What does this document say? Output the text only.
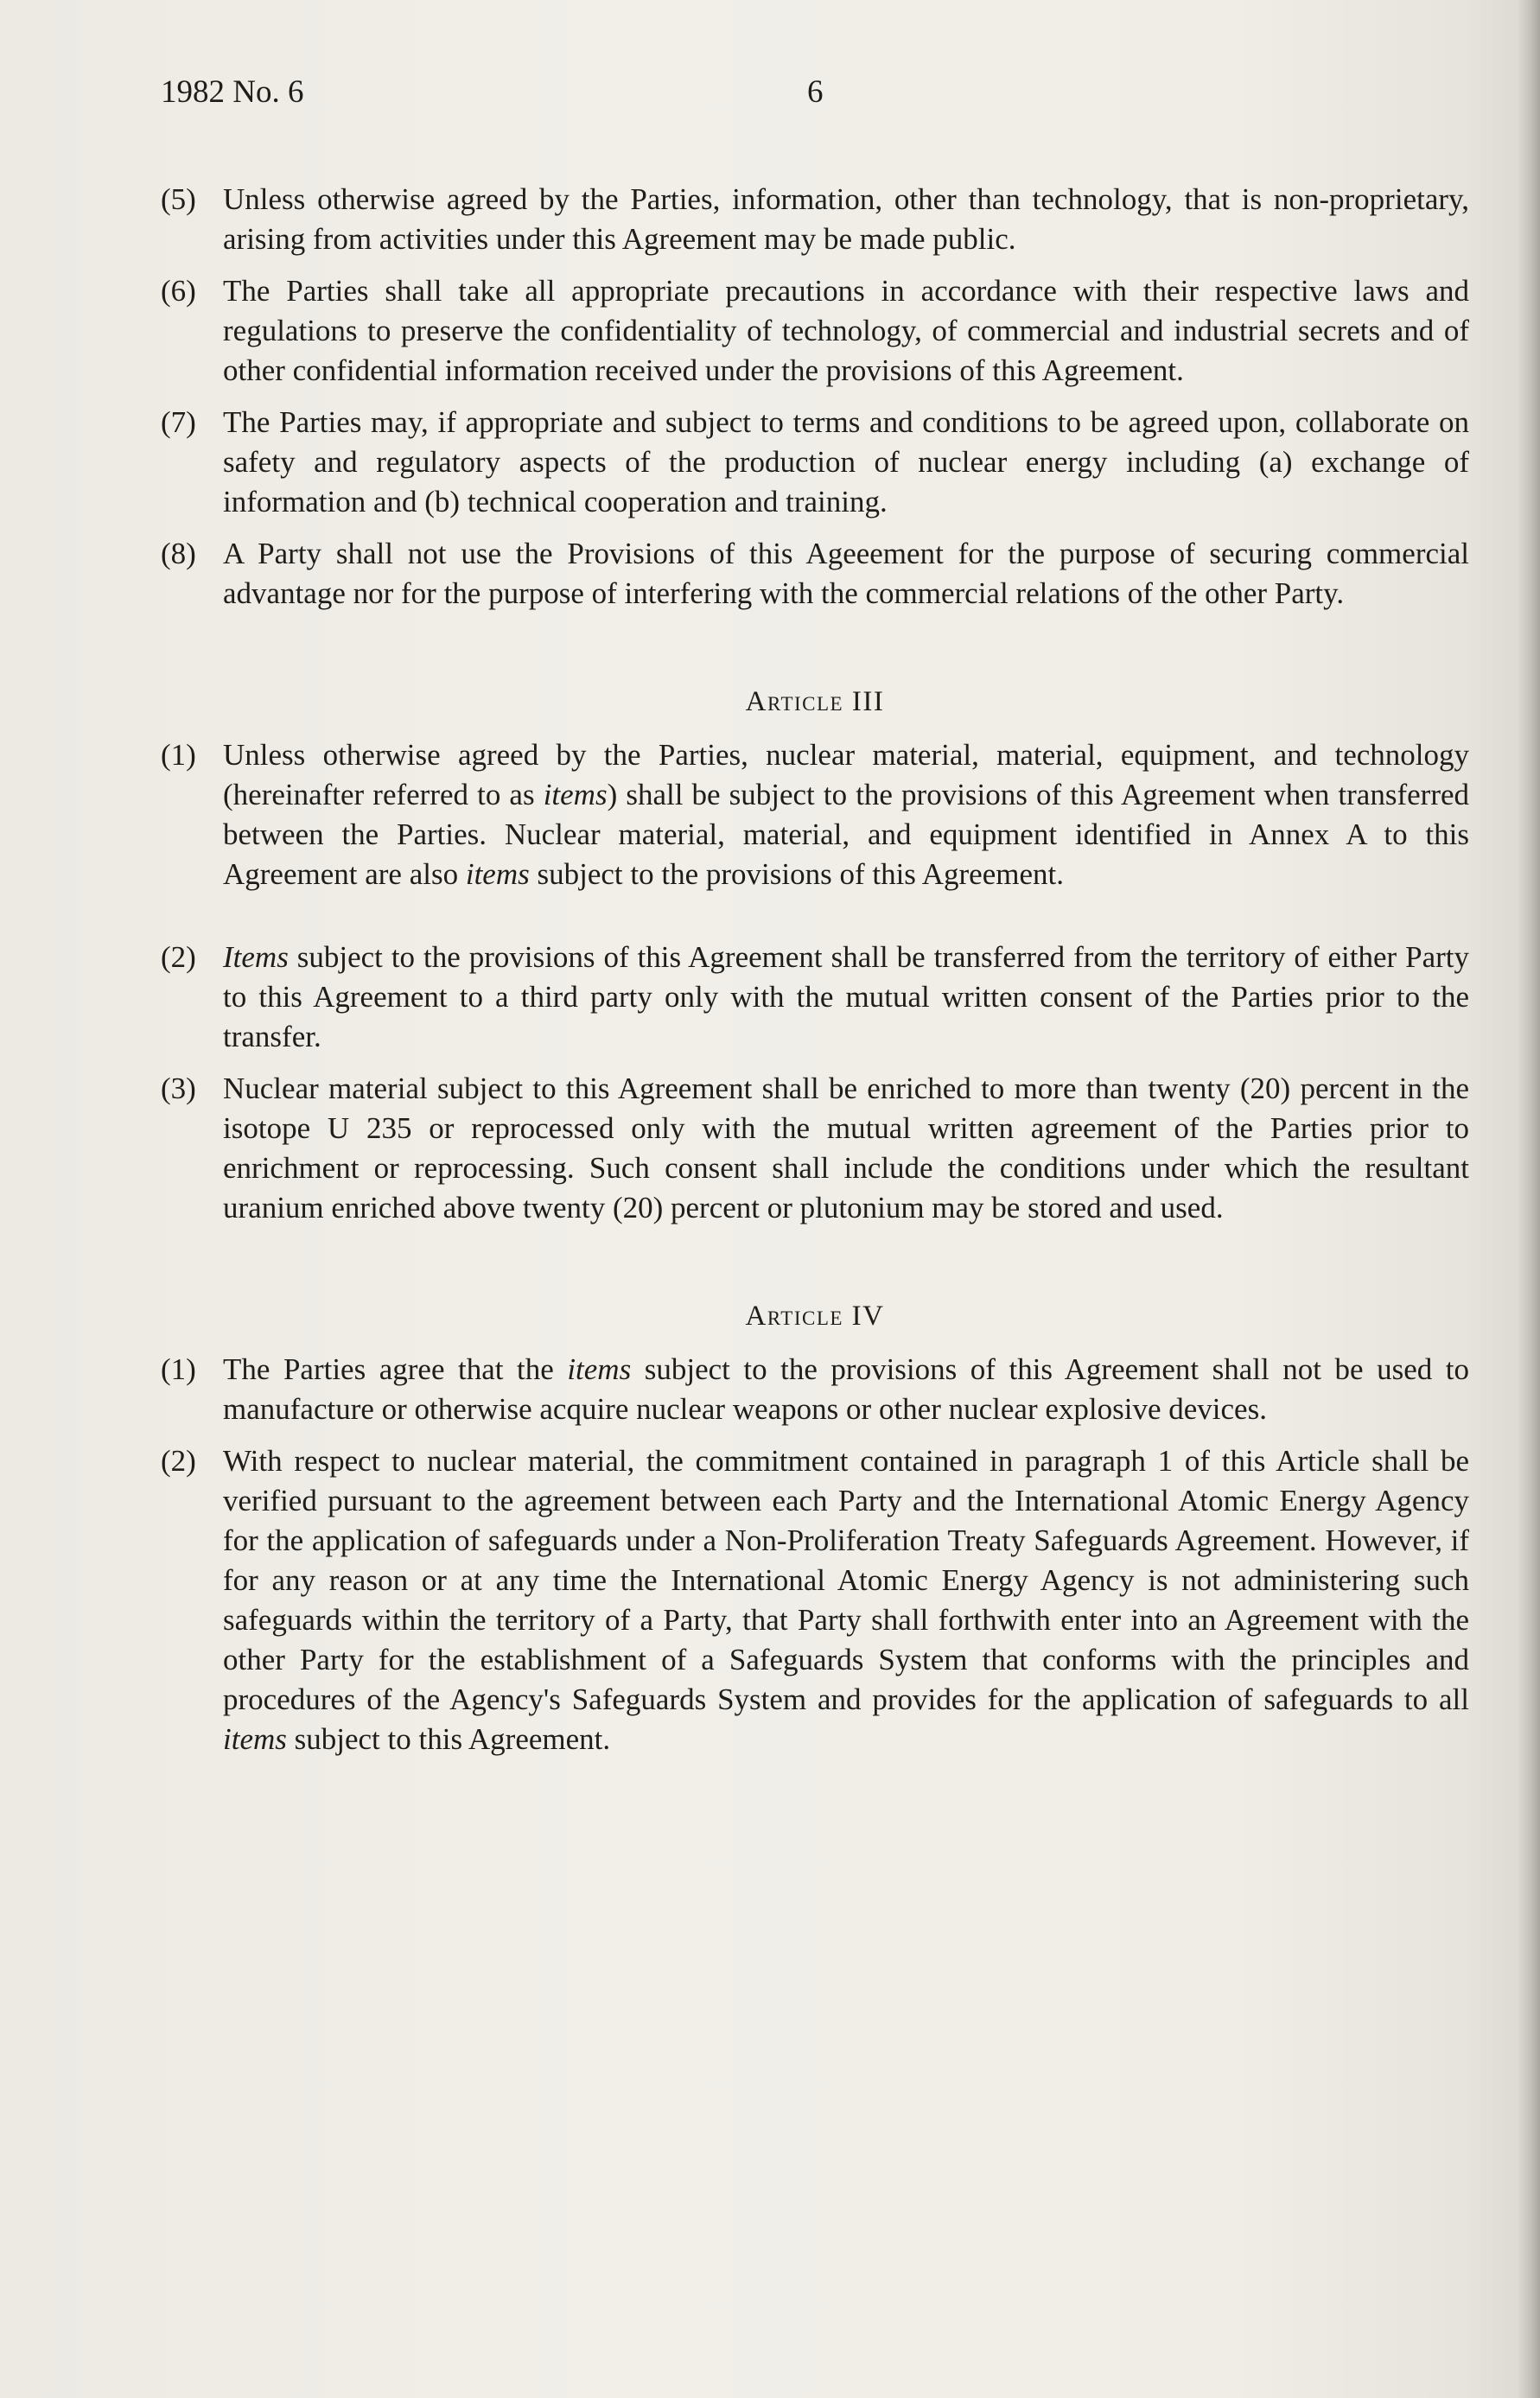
1982 No. 6	6
(5) Unless otherwise agreed by the Parties, information, other than technology, that is non-proprietary, arising from activities under this Agreement may be made public.
(6) The Parties shall take all appropriate precautions in accordance with their respective laws and regulations to preserve the confidentiality of technology, of commercial and industrial secrets and of other confidential information received under the provisions of this Agreement.
(7) The Parties may, if appropriate and subject to terms and conditions to be agreed upon, collaborate on safety and regulatory aspects of the production of nuclear energy including (a) exchange of information and (b) technical cooperation and training.
(8) A Party shall not use the Provisions of this Ageeement for the purpose of securing commercial advantage nor for the purpose of interfering with the commercial relations of the other Party.
Article III
(1) Unless otherwise agreed by the Parties, nuclear material, material, equipment, and technology (hereinafter referred to as items) shall be subject to the provisions of this Agreement when transferred between the Parties. Nuclear material, material, and equipment identified in Annex A to this Agreement are also items subject to the provisions of this Agreement.
(2) Items subject to the provisions of this Agreement shall be transferred from the territory of either Party to this Agreement to a third party only with the mutual written consent of the Parties prior to the transfer.
(3) Nuclear material subject to this Agreement shall be enriched to more than twenty (20) percent in the isotope U 235 or reprocessed only with the mutual written agreement of the Parties prior to enrichment or reprocessing. Such consent shall include the conditions under which the resultant uranium enriched above twenty (20) percent or plutonium may be stored and used.
Article IV
(1) The Parties agree that the items subject to the provisions of this Agreement shall not be used to manufacture or otherwise acquire nuclear weapons or other nuclear explosive devices.
(2) With respect to nuclear material, the commitment contained in paragraph 1 of this Article shall be verified pursuant to the agreement between each Party and the International Atomic Energy Agency for the application of safeguards under a Non-Proliferation Treaty Safeguards Agreement. However, if for any reason or at any time the International Atomic Energy Agency is not administering such safeguards within the territory of a Party, that Party shall forthwith enter into an Agreement with the other Party for the establishment of a Safeguards System that conforms with the principles and procedures of the Agency's Safeguards System and provides for the application of safeguards to all items subject to this Agreement.
